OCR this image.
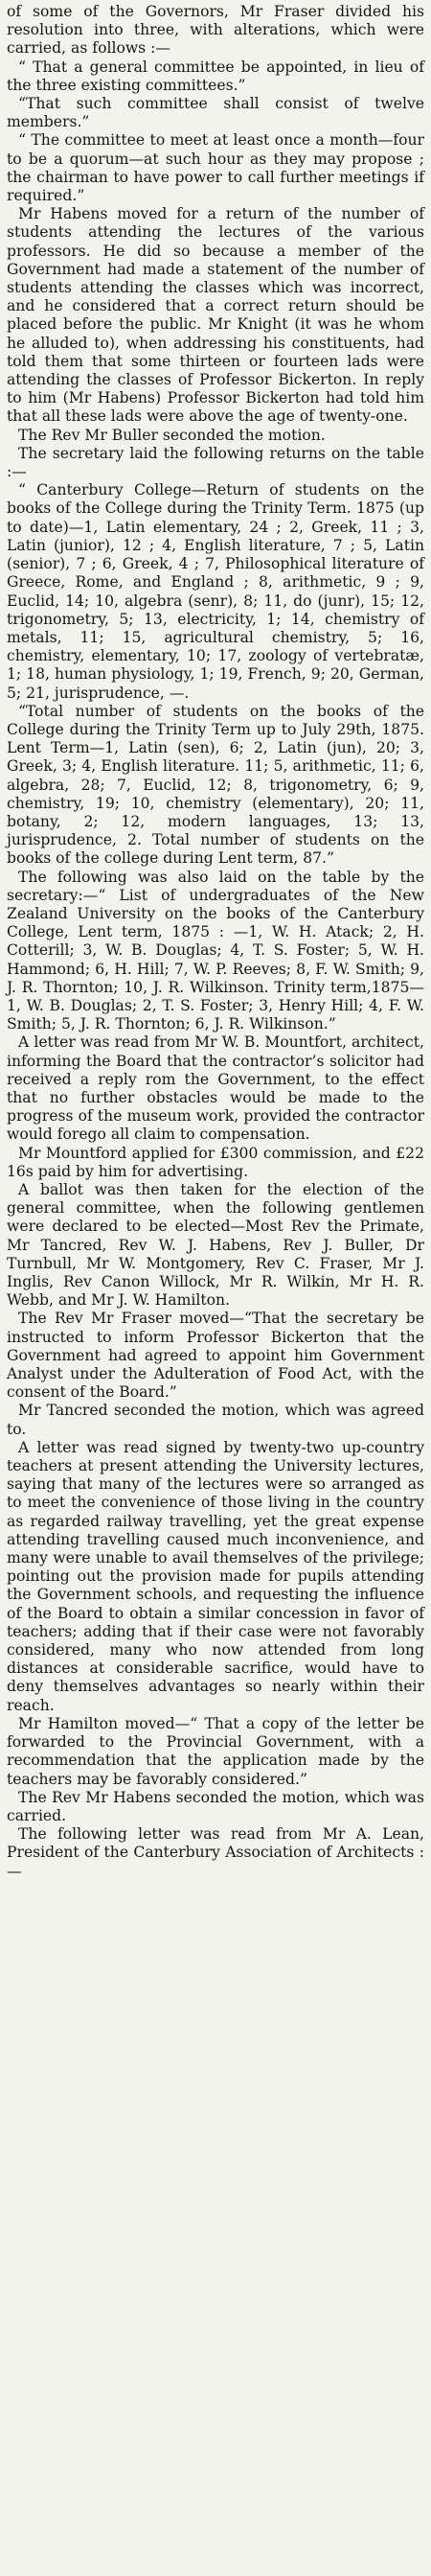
of some of the Governors, Mr Fraser divided his resolution into three, with alterations, which were carried, as follows :—

“ That a general committee be appointed, in lieu of the three existing committees.”

“That such committee shall consist of twelve members.”

“ The committee to meet at least once a month—four to be a quorum—at such hour as they may propose ; the chairman to have power to call further meetings if required.”

Mr Habens moved for a return of the number of students attending the lectures of the various professors. He did so because a member of the Government had made a statement of the number of students attending the classes which was incorrect, and he considered that a correct return should be placed before the public. Mr Knight (it was he whom he alluded to), when addressing his constituents, had told them that some thirteen or fourteen lads were attending the classes of Professor Bickerton. In reply to him (Mr Habens) Professor Bickerton had told him that all these lads were above the age of twenty-one.

The Rev Mr Buller seconded the motion.

The secretary laid the following returns on the table :—

“ Canterbury College—Return of students on the books of the College during the Trinity Term. 1875 (up to date)—1, Latin elementary, 24 ; 2, Greek, 11 ; 3, Latin (junior), 12 ; 4, English literature, 7 ; 5, Latin (senior), 7 ; 6, Greek, 4 ; 7, Philosophical literature of Greece, Rome, and England ; 8, arithmetic, 9 ; 9, Euclid, 14; 10, algebra (senr), 8; 11, do (junr), 15; 12, trigonometry, 5; 13, electricity, 1; 14, chemistry of metals, 11; 15, agricultural chemistry, 5; 16, chemistry, elementary, 10; 17, zoology of vertebratæ, 1; 18, human physiology, 1; 19, French, 9; 20, German, 5; 21, jurisprudence, —.

“Total number of students on the books of the College during the Trinity Term up to July 29th, 1875. Lent Term—1, Latin (sen), 6; 2, Latin (jun), 20; 3, Greek, 3; 4, English literature. 11; 5, arithmetic, 11; 6, algebra, 28; 7, Euclid, 12; 8, trigonometry, 6; 9, chemistry, 19; 10, chemistry (elementary), 20; 11, botany, 2; 12, modern languages, 13; 13, jurisprudence, 2. Total number of students on the books of the college during Lent term, 87.”

The following was also laid on the table by the secretary:—“ List of undergraduates of the New Zealand University on the books of the Canterbury College, Lent term, 1875 : —1, W. H. Atack; 2, H. Cotterill; 3, W. B. Douglas; 4, T. S. Foster; 5, W. H. Hammond; 6, H. Hill; 7, W. P. Reeves; 8, F. W. Smith; 9, J. R. Thornton; 10, J. R. Wilkinson. Trinity term,1875—1, W. B. Douglas; 2, T. S. Foster; 3, Henry Hill; 4, F. W. Smith; 5, J. R. Thornton; 6, J. R. Wilkinson.”

A letter was read from Mr W. B. Mountfort, architect, informing the Board that the contractor’s solicitor had received a reply rom the Government, to the effect that no further obstacles would be made to the progress of the museum work, provided the contractor would forego all claim to compensation.

Mr Mountford applied for £300 commission, and £22 16s paid by him for advertising.

A ballot was then taken for the election of the general committee, when the following gentlemen were declared to be elected—Most Rev the Primate, Mr Tancred, Rev W. J. Habens, Rev J. Buller, Dr Turnbull, Mr W. Montgomery, Rev C. Fraser, Mr J. Inglis, Rev Canon Willock, Mr R. Wilkin, Mr H. R. Webb, and Mr J. W. Hamilton.

The Rev Mr Fraser moved—“That the secretary be instructed to inform Professor Bickerton that the Government had agreed to appoint him Government Analyst under the Adulteration of Food Act, with the consent of the Board.”

Mr Tancred seconded the motion, which was agreed to.

A letter was read signed by twenty-two up-country teachers at present attending the University lectures, saying that many of the lectures were so arranged as to meet the convenience of those living in the country as regarded railway travelling, yet the great expense attending travelling caused much inconvenience, and many were unable to avail themselves of the privilege; pointing out the provision made for pupils attending the Government schools, and requesting the influence of the Board to obtain a similar concession in favor of teachers; adding that if their case were not favorably considered, many who now attended from long distances at considerable sacrifice, would have to deny themselves advantages so nearly within their reach.

Mr Hamilton moved—“ That a copy of the letter be forwarded to the Provincial Government, with a recommendation that the application made by the teachers may be favorably considered.”

The Rev Mr Habens seconded the motion, which was carried.

The following letter was read from Mr A. Lean, President of the Canterbury Association of Architects :—
